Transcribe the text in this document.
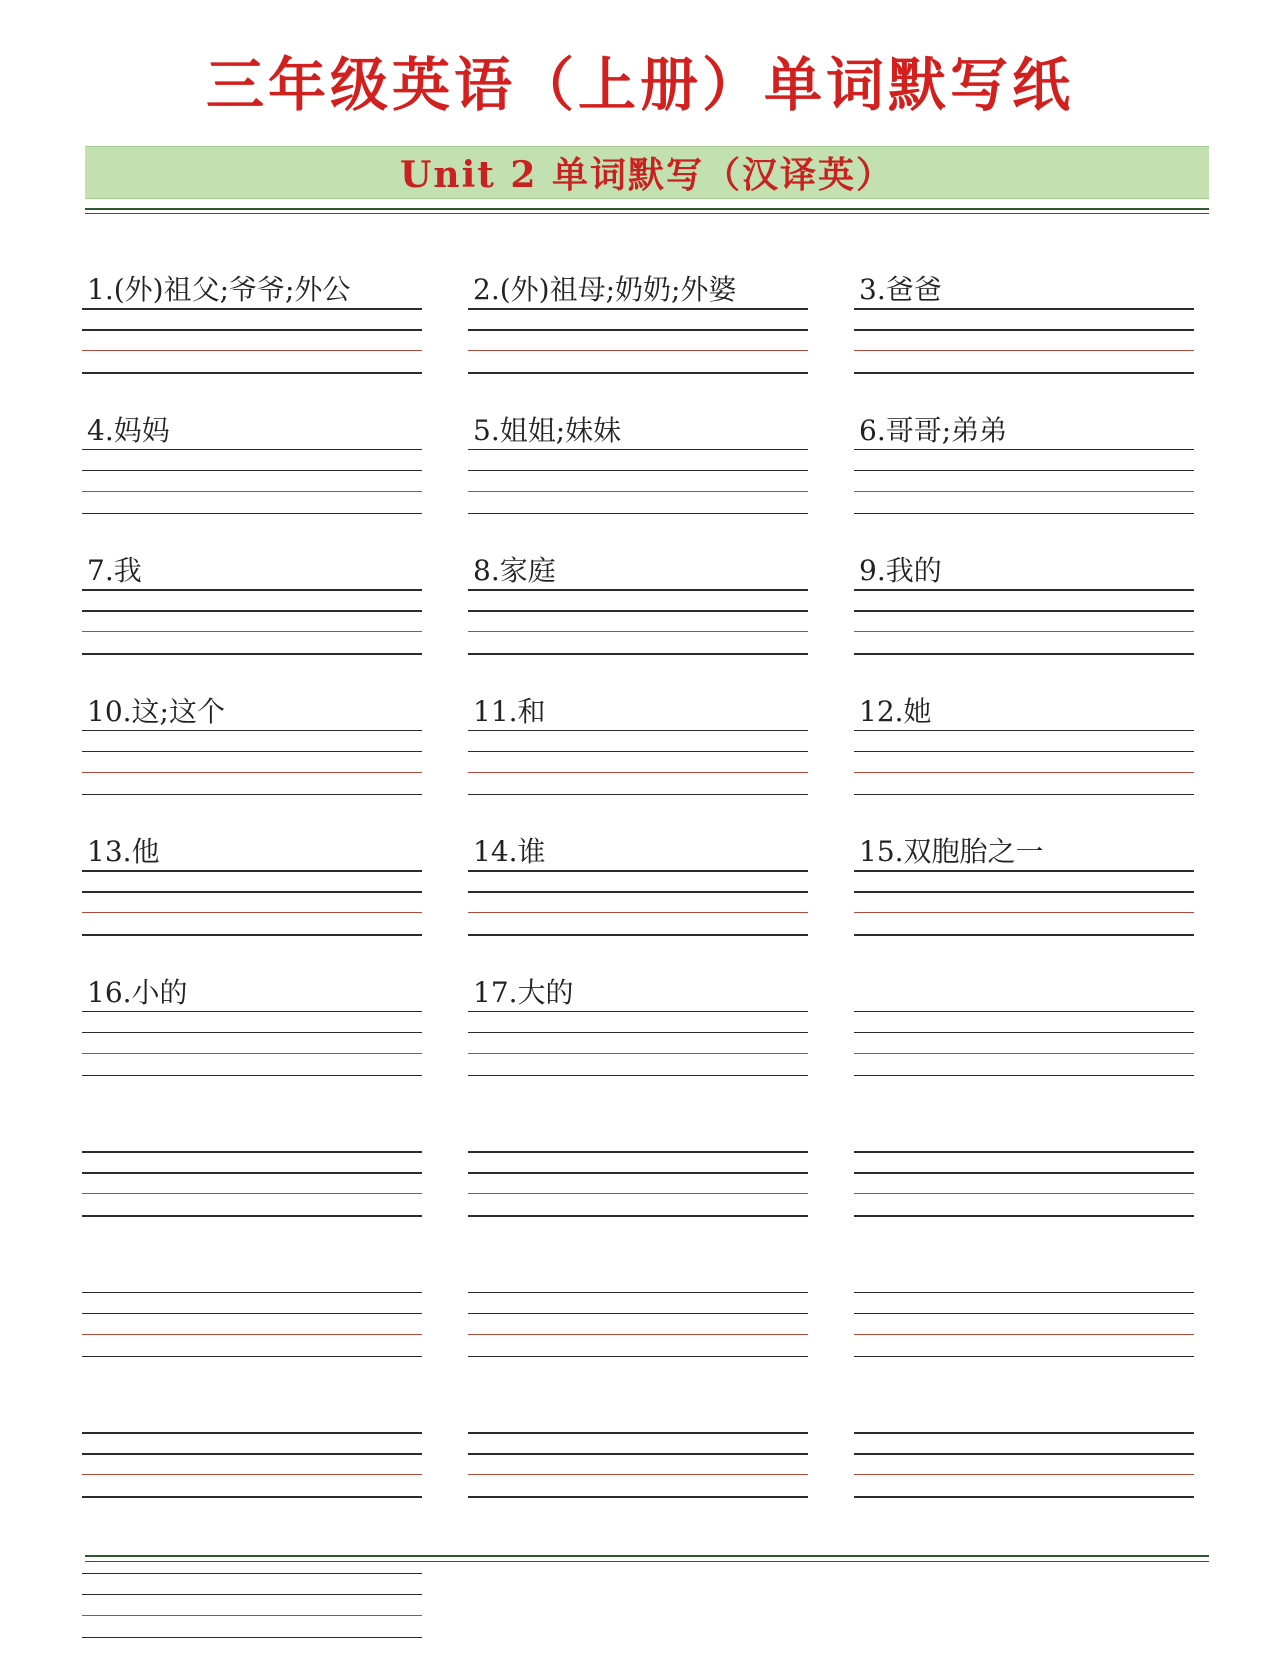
三年级英语（上册）单词默写纸
Unit 2 单词默写（汉译英）
1.(外)祖父;爷爷;外公	2.(外)祖母;奶奶;外婆	3.爸爸
4.妈妈	5.姐姐;妹妹	6.哥哥;弟弟
7.我	8.家庭	9.我的
10.这;这个	11.和	12.她
13.他	14.谁	15.双胞胎之一
16.小的	17.大的
